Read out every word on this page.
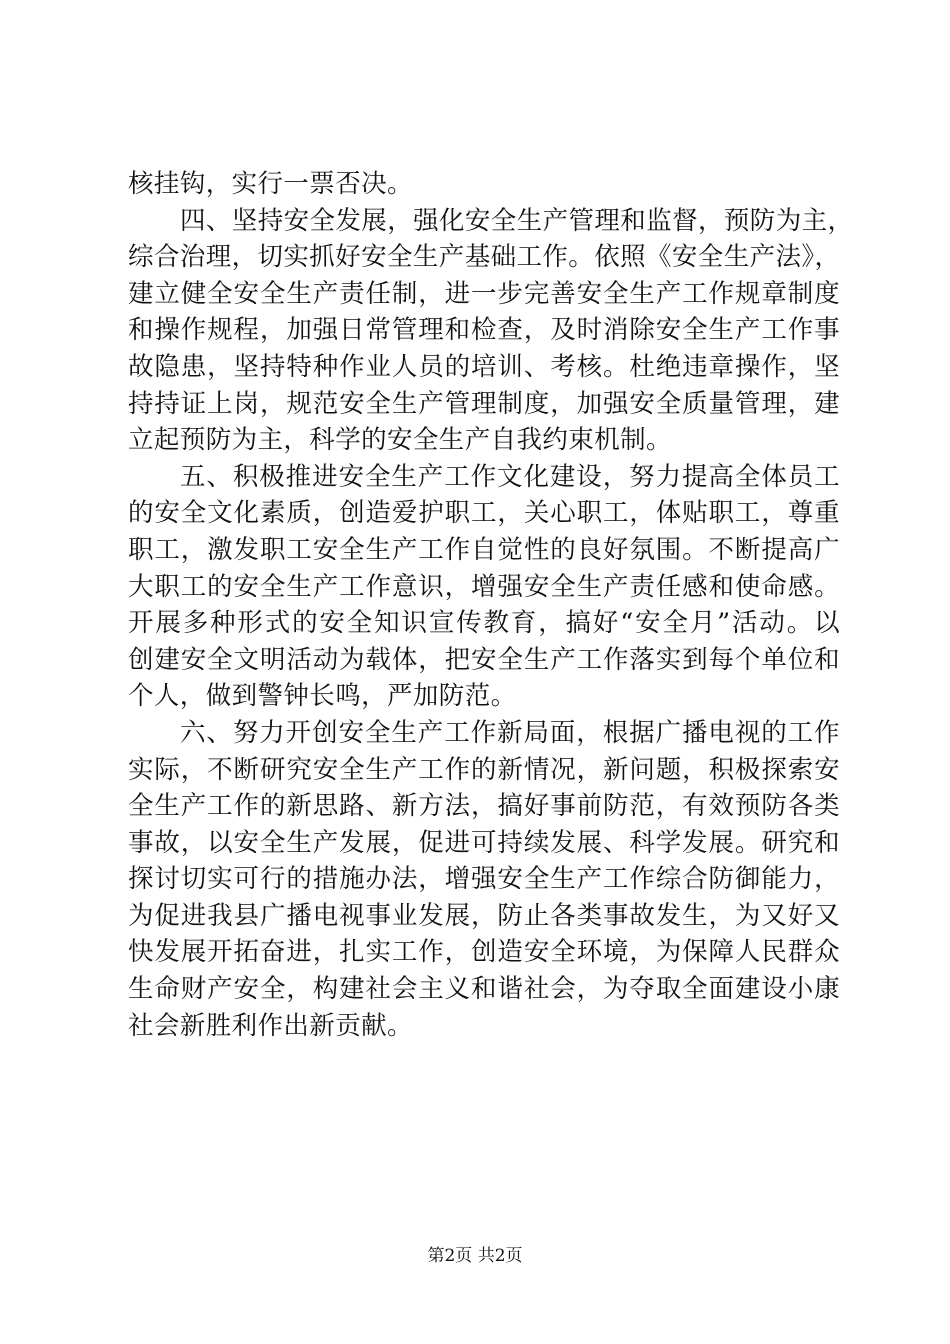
核挂钩，实行一票否决。
四、坚持安全发展，强化安全生产管理和监督，预防为主，
综合治理，切实抓好安全生产基础工作。依照《安全生产法》，
建立健全安全生产责任制，进一步完善安全生产工作规章制度
和操作规程，加强日常管理和检查，及时消除安全生产工作事
故隐患，坚持特种作业人员的培训、考核。杜绝违章操作，坚
持持证上岗，规范安全生产管理制度，加强安全质量管理，建
立起预防为主，科学的安全生产自我约束机制。
五、积极推进安全生产工作文化建设，努力提高全体员工
的安全文化素质，创造爱护职工，关心职工，体贴职工，尊重
职工，激发职工安全生产工作自觉性的良好氛围。不断提高广
大职工的安全生产工作意识，增强安全生产责任感和使命感。
开展多种形式的安全知识宣传教育，搞好“安全月”活动。以
创建安全文明活动为载体，把安全生产工作落实到每个单位和
个人，做到警钟长鸣，严加防范。
六、努力开创安全生产工作新局面，根据广播电视的工作
实际，不断研究安全生产工作的新情况，新问题，积极探索安
全生产工作的新思路、新方法，搞好事前防范，有效预防各类
事故，以安全生产发展，促进可持续发展、科学发展。研究和
探讨切实可行的措施办法，增强安全生产工作综合防御能力，
为促进我县广播电视事业发展，防止各类事故发生，为又好又
快发展开拓奋进，扎实工作，创造安全环境，为保障人民群众
生命财产安全，构建社会主义和谐社会，为夺取全面建设小康
社会新胜利作出新贡献。
第2页 共2页
